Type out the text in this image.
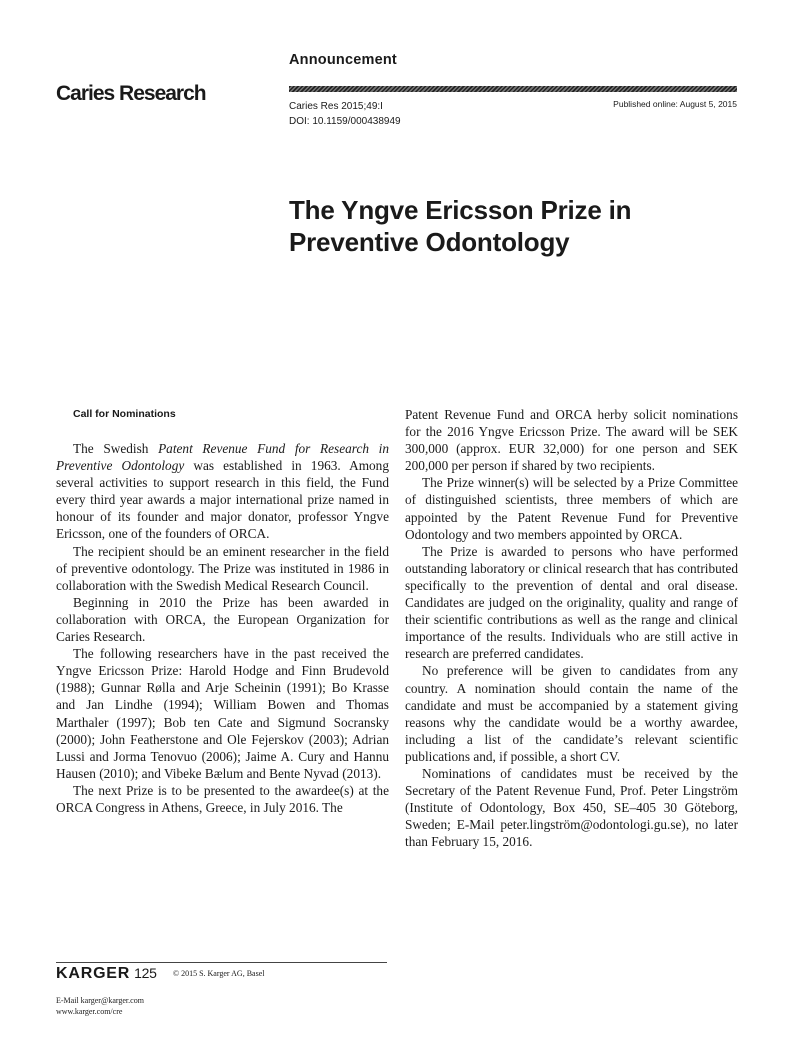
Announcement
Caries Research
Caries Res 2015;49:I
DOI: 10.1159/000438949
Published online: August 5, 2015
The Yngve Ericsson Prize in
Preventive Odontology
Call for Nominations

The Swedish Patent Revenue Fund for Research in Preventive Odontology was established in 1963. Among several activities to support research in this field, the Fund every third year awards a major international prize named in honour of its founder and major donator, professor Yngve Ericsson, one of the founders of ORCA.

The recipient should be an eminent researcher in the field of preventive odontology. The Prize was instituted in 1986 in collaboration with the Swedish Medical Research Council.

Beginning in 2010 the Prize has been awarded in collaboration with ORCA, the European Organization for Caries Research.

The following researchers have in the past received the Yngve Ericsson Prize: Harold Hodge and Finn Brudevold (1988); Gunnar Rølla and Arje Scheinin (1991); Bo Krasse and Jan Lindhe (1994); William Bowen and Thomas Marthaler (1997); Bob ten Cate and Sigmund Socransky (2000); John Featherstone and Ole Fejerskov (2003); Adrian Lussi and Jorma Tenovuo (2006); Jaime A. Cury and Hannu Hausen (2010); and Vibeke Bælum and Bente Nyvad (2013).

The next Prize is to be presented to the awardee(s) at the ORCA Congress in Athens, Greece, in July 2016. The

Patent Revenue Fund and ORCA herby solicit nominations for the 2016 Yngve Ericsson Prize. The award will be SEK 300,000 (approx. EUR 32,000) for one person and SEK 200,000 per person if shared by two recipients.

The Prize winner(s) will be selected by a Prize Committee of distinguished scientists, three members of which are appointed by the Patent Revenue Fund for Preventive Odontology and two members appointed by ORCA.

The Prize is awarded to persons who have performed outstanding laboratory or clinical research that has contributed specifically to the prevention of dental and oral disease. Candidates are judged on the originality, quality and range of their scientific contributions as well as the range and clinical importance of the results. Individuals who are still active in research are preferred candidates.

No preference will be given to candidates from any country. A nomination should contain the name of the candidate and must be accompanied by a statement giving reasons why the candidate would be a worthy awardee, including a list of the candidate’s relevant scientific publications and, if possible, a short CV.

Nominations of candidates must be received by the Secretary of the Patent Revenue Fund, Prof. Peter Lingström (Institute of Odontology, Box 450, SE–405 30 Göteborg, Sweden; E-Mail peter.lingström@odontologi.gu.se), no later than February 15, 2016.

KARGER 125 © 2015 S. Karger AG, Basel
E-Mail karger@karger.com
www.karger.com/cre
